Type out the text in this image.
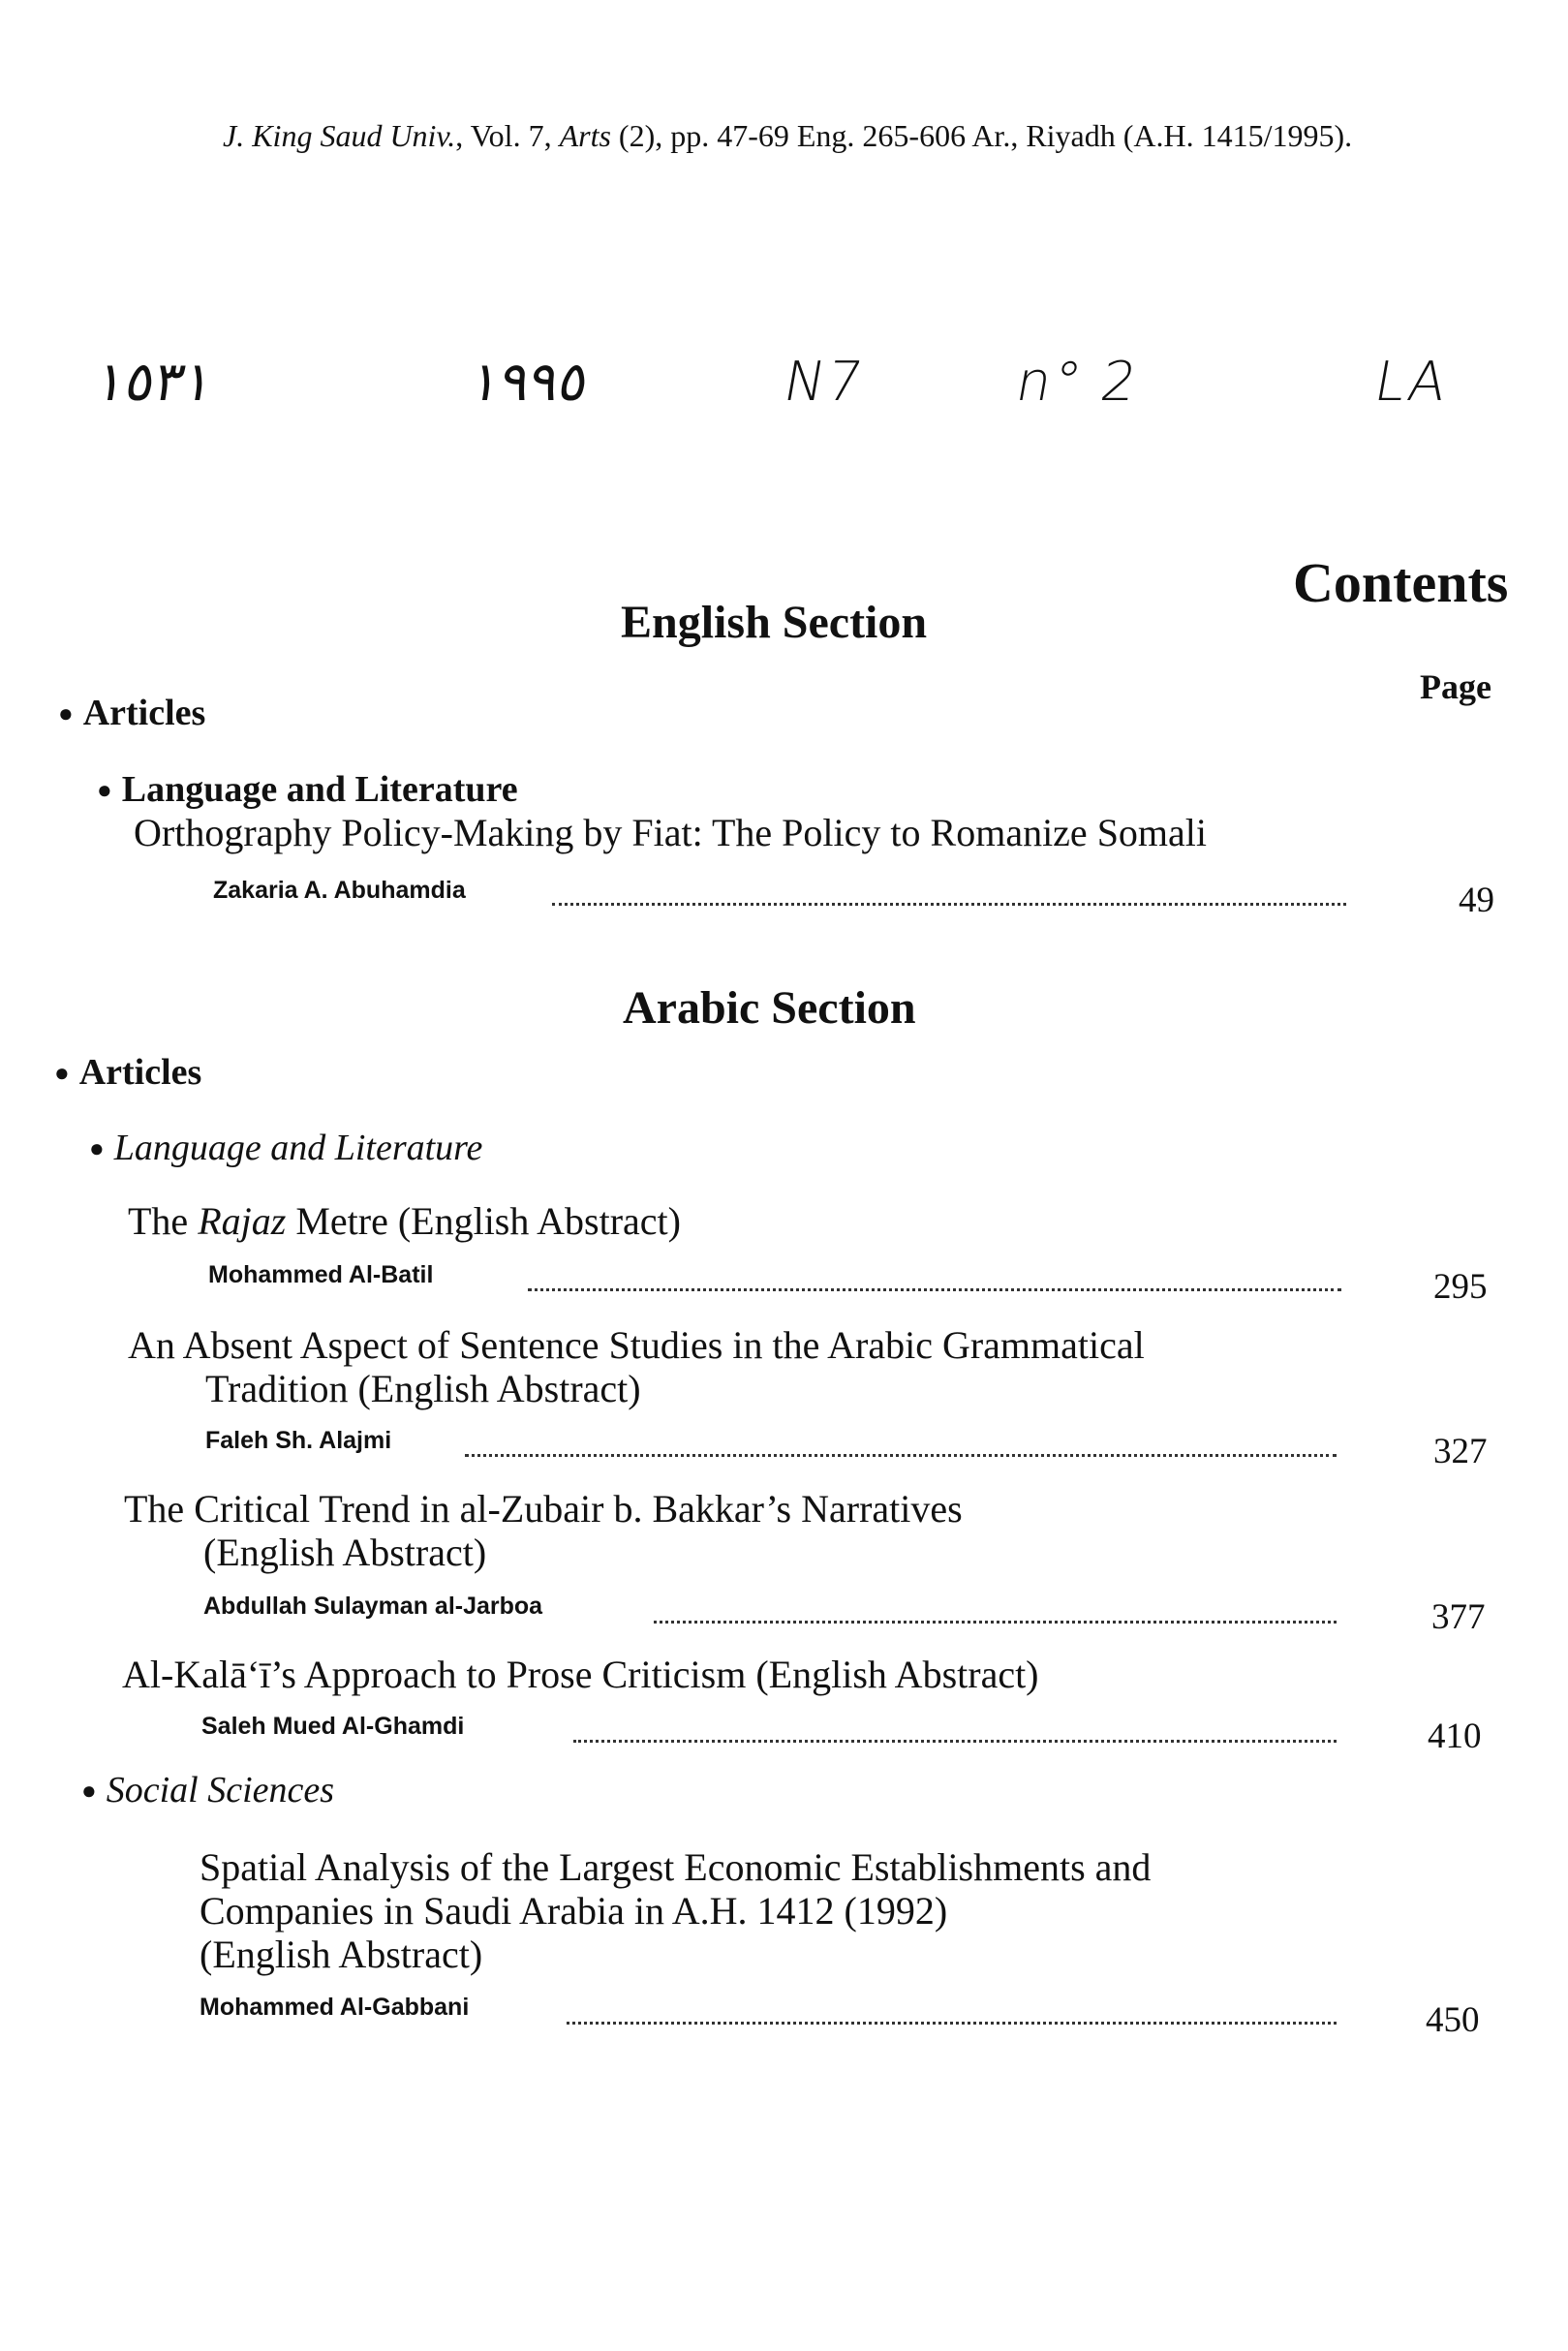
J. King Saud Univ., Vol. 7, Arts (2), pp. 47-69 Eng. 265-606 Ar., Riyadh (A.H. 1415/1995).
١٥٣١	١٩٩٥	N7	n° 2	LA
Contents
English Section
Page
● Articles
● Language and Literature
Orthography Policy-Making by Fiat: The Policy to Romanize Somali
Zakaria A. Abuhamdia	49
Arabic Section
● Articles
● Language and Literature
The Rajaz Metre (English Abstract)
Mohammed Al-Batil	295
An Absent Aspect of Sentence Studies in the Arabic Grammatical
Tradition (English Abstract)
Faleh Sh. Alajmi	327
The Critical Trend in al-Zubair b. Bakkar’s Narratives
(English Abstract)
Abdullah Sulayman al-Jarboa	377
Al-Kalā‘ī’s Approach to Prose Criticism (English Abstract)
Saleh Mued Al-Ghamdi	410
● Social Sciences
Spatial Analysis of the Largest Economic Establishments and
Companies in Saudi Arabia in A.H. 1412 (1992)
(English Abstract)
Mohammed Al-Gabbani	450
